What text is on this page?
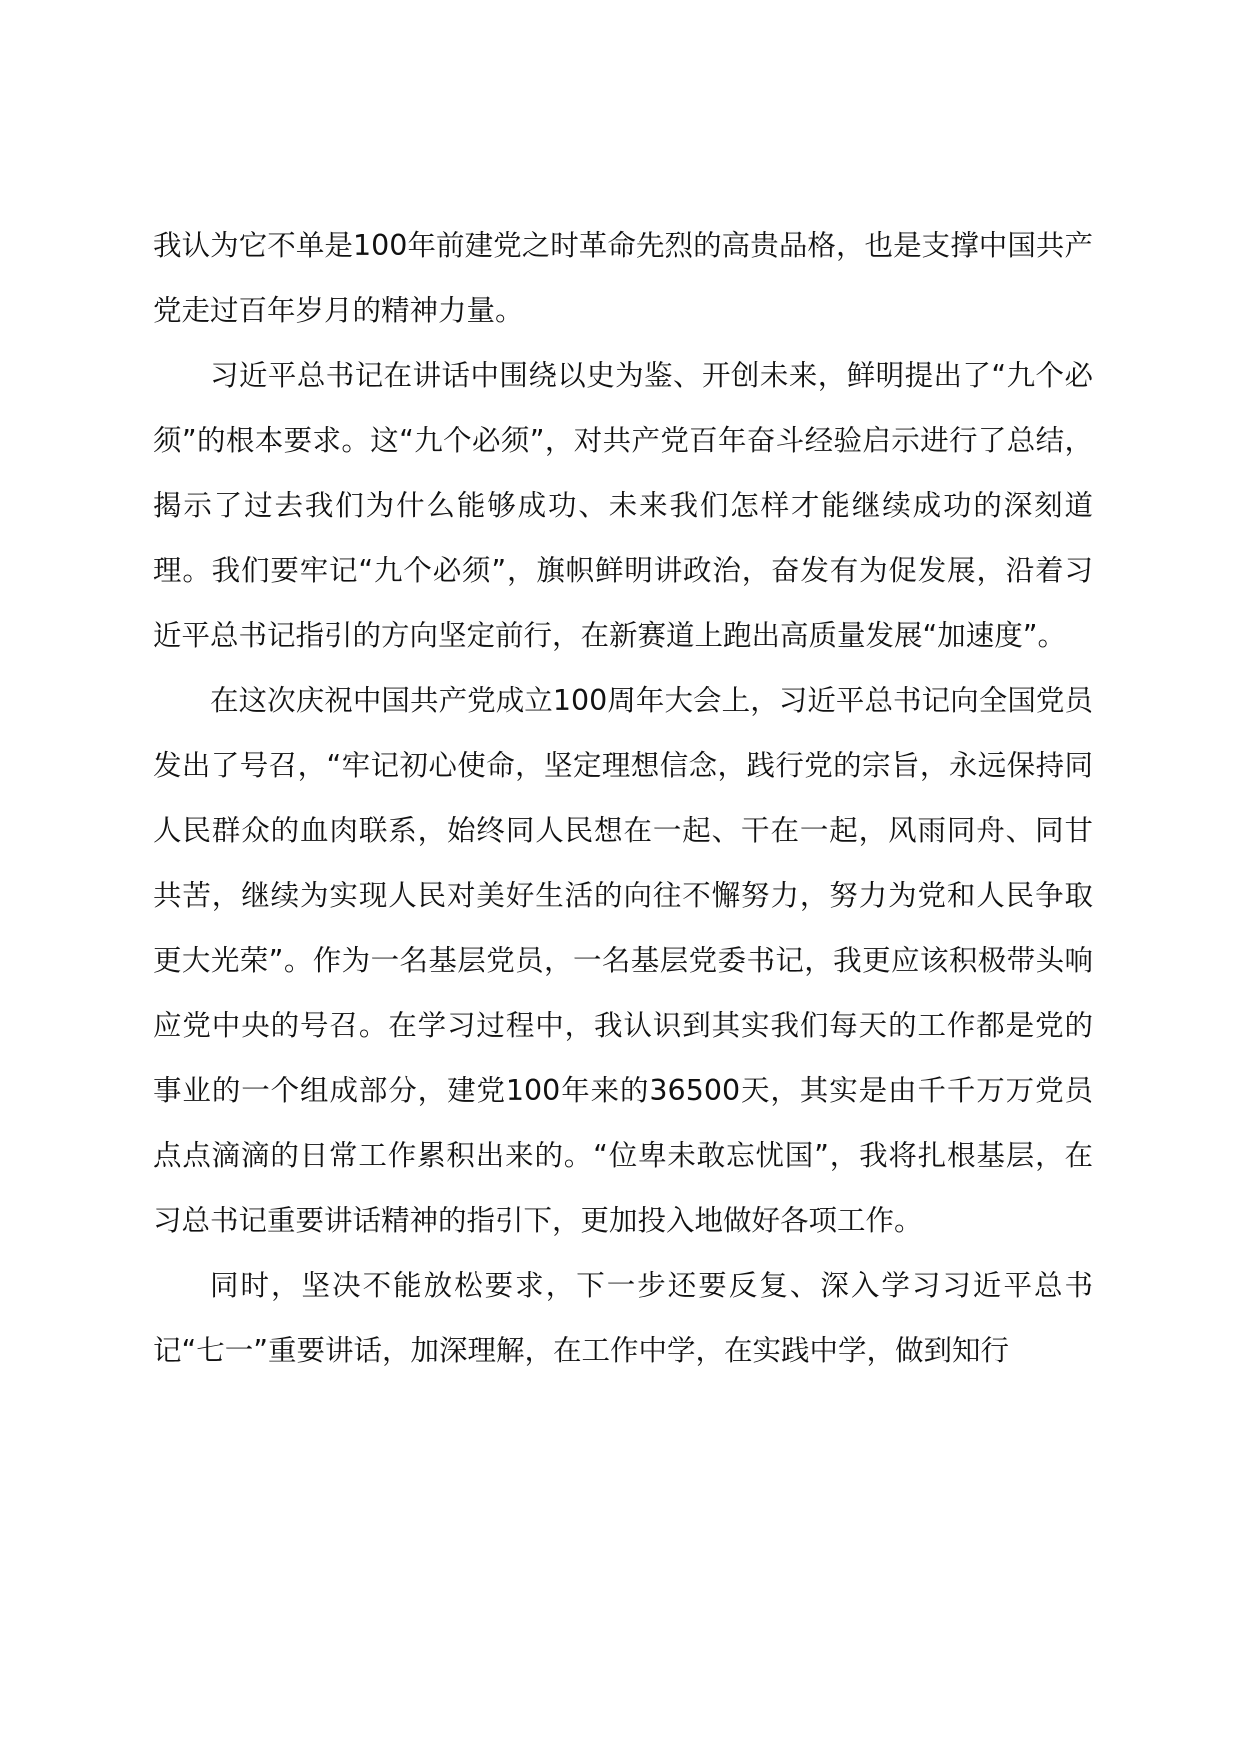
我认为它不单是100年前建党之时革命先烈的高贵品格，也是支撑中国共产党走过百年岁月的精神力量。

习近平总书记在讲话中围绕以史为鉴、开创未来，鲜明提出了“九个必须”的根本要求。这“九个必须”，对共产党百年奋斗经验启示进行了总结，揭示了过去我们为什么能够成功、未来我们怎样才能继续成功的深刻道理。我们要牢记“九个必须”，旗帜鲜明讲政治，奋发有为促发展，沿着习近平总书记指引的方向坚定前行，在新赛道上跑出高质量发展“加速度”。

在这次庆祝中国共产党成立100周年大会上，习近平总书记向全国党员发出了号召，“牢记初心使命，坚定理想信念，践行党的宗旨，永远保持同人民群众的血肉联系，始终同人民想在一起、干在一起，风雨同舟、同甘共苦，继续为实现人民对美好生活的向往不懈努力，努力为党和人民争取更大光荣”。作为一名基层党员，一名基层党委书记，我更应该积极带头响应党中央的号召。在学习过程中，我认识到其实我们每天的工作都是党的事业的一个组成部分，建党100年来的36500天，其实是由千千万万党员点点滴滴的日常工作累积出来的。“位卑未敢忘忧国”，我将扎根基层，在习总书记重要讲话精神的指引下，更加投入地做好各项工作。

同时，坚决不能放松要求，下一步还要反复、深入学习习近平总书记“七一”重要讲话，加深理解，在工作中学，在实践中学，做到知行
